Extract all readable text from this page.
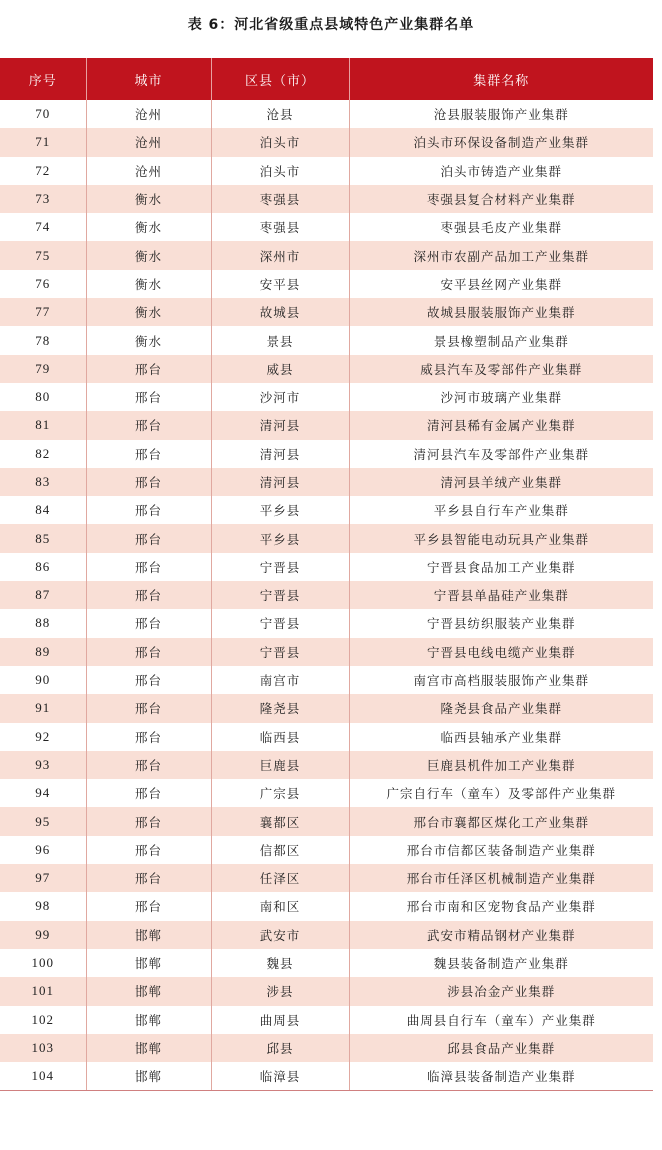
表 6：河北省级重点县域特色产业集群名单
序号	城市	区县（市）	集群名称
70	沧州	沧县	沧县服装服饰产业集群
71	沧州	泊头市	泊头市环保设备制造产业集群
72	沧州	泊头市	泊头市铸造产业集群
73	衡水	枣强县	枣强县复合材料产业集群
74	衡水	枣强县	枣强县毛皮产业集群
75	衡水	深州市	深州市农副产品加工产业集群
76	衡水	安平县	安平县丝网产业集群
77	衡水	故城县	故城县服装服饰产业集群
78	衡水	景县	景县橡塑制品产业集群
79	邢台	威县	威县汽车及零部件产业集群
80	邢台	沙河市	沙河市玻璃产业集群
81	邢台	清河县	清河县稀有金属产业集群
82	邢台	清河县	清河县汽车及零部件产业集群
83	邢台	清河县	清河县羊绒产业集群
84	邢台	平乡县	平乡县自行车产业集群
85	邢台	平乡县	平乡县智能电动玩具产业集群
86	邢台	宁晋县	宁晋县食品加工产业集群
87	邢台	宁晋县	宁晋县单晶硅产业集群
88	邢台	宁晋县	宁晋县纺织服装产业集群
89	邢台	宁晋县	宁晋县电线电缆产业集群
90	邢台	南宫市	南宫市高档服装服饰产业集群
91	邢台	隆尧县	隆尧县食品产业集群
92	邢台	临西县	临西县轴承产业集群
93	邢台	巨鹿县	巨鹿县机件加工产业集群
94	邢台	广宗县	广宗自行车（童车）及零部件产业集群
95	邢台	襄都区	邢台市襄都区煤化工产业集群
96	邢台	信都区	邢台市信都区装备制造产业集群
97	邢台	任泽区	邢台市任泽区机械制造产业集群
98	邢台	南和区	邢台市南和区宠物食品产业集群
99	邯郸	武安市	武安市精品钢材产业集群
100	邯郸	魏县	魏县装备制造产业集群
101	邯郸	涉县	涉县冶金产业集群
102	邯郸	曲周县	曲周县自行车（童车）产业集群
103	邯郸	邱县	邱县食品产业集群
104	邯郸	临漳县	临漳县装备制造产业集群
